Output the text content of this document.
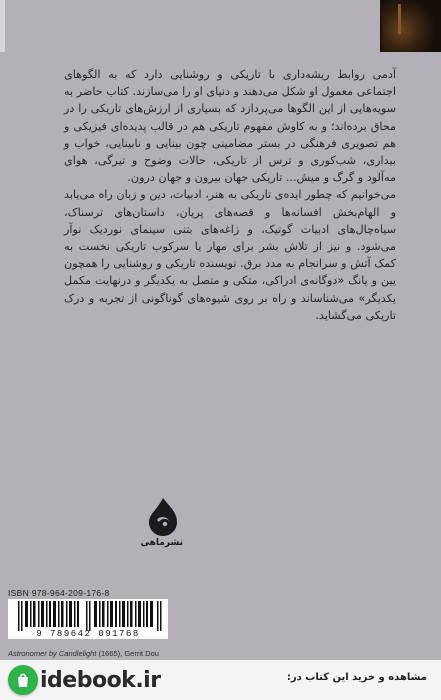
آدمی روابط ریشه‌داری با تاریکی و روشنایی دارد که به الگوهای اجتماعی معمول او شکل می‌دهند و دنیای او را می‌سازند. کتاب حاضر به سویه‌هایی از این الگوها می‌پردازد که بسیاری از ارزش‌های تاریکی را در محاق برده‌اند؛ و به کاوش مفهوم تاریکی هم در قالب پدیده‌ای فیزیکی و هم تصویری فرهنگی در بستر مضامینی چون بینایی و نابینایی، خواب و بیداری، شب‌کوری و ترس از تاریکی، حالات وضوح و تیرگی، هوای مه‌آلود و گرگ و میش... تاریکی جهان بیرون و جهان درون.

می‌خوانیم که چطور ایده‌ی تاریکی به هنر، ادبیات، دین و زبان راه می‌یابد و الهام‌بخش افسانه‌ها و قصه‌های پریان، داستان‌های ترسناک، سیاه‌چال‌های ادبیات گوتیک، و زاغه‌های بتنی سینمای نوردیک نوآر می‌شود. و نیز از تلاش بشر برای مهار یا سرکوب تاریکی نخست به کمک آتش و سرانجام به مدد برق. نویسنده تاریکی و روشنایی را همچون یین و یانگ «دوگانه‌ی ادراکی، متکی و متصل به یکدیگر و درنهایت مکمل یکدیگر» می‌شناساند و راه بر روی شیوه‌های گوناگونی از تجربه و درک تاریکی می‌گشاید.

نشرماهی
ISBN 978-964-209-176-8
9 789642 091768
Astronomer by Candlelight (1665), Gerrit Dou
idebook.ir	مشاهده و خرید این کتاب در:
